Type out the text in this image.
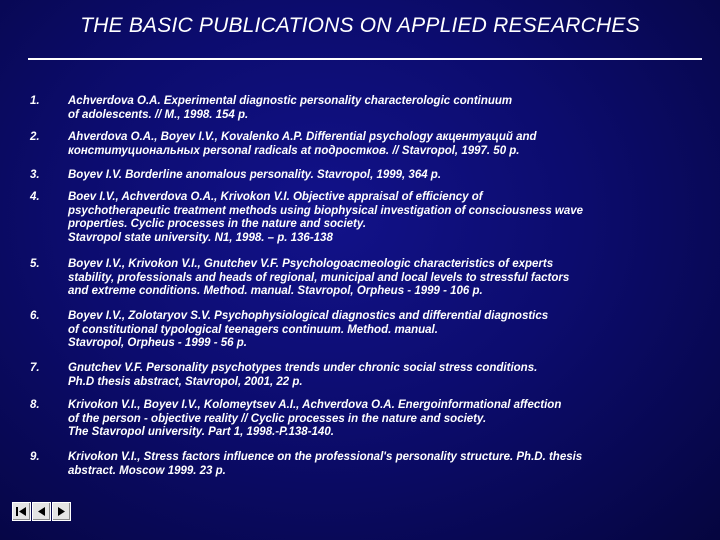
THE BASIC PUBLICATIONS ON APPLIED RESEARCHES
1. Achverdova O.A. Experimental diagnostic personality characterologic continuum
of adolescents. // M., 1998. 154 p.
2. Ahverdova O.A., Boyev I.V., Kovalenko A.P. Differential psychology акцентуаций and
конституциональных personal radicals at подростков. // Stavropol, 1997. 50 p.
3. Boyev I.V. Borderline anomalous personality. Stavropol, 1999, 364 p.
4. Boev I.V., Achverdova O.A., Krivokon V.I. Objective appraisal of efficiency of
psychotherapeutic treatment methods using biophysical investigation of consciousness wave
properties. Cyclic processes in the nature and society.
Stavropol state university. N1, 1998. – p. 136-138
5. Boyev I.V., Krivokon V.I., Gnutchev V.F. Psychologoacmeologic characteristics of experts
stability, professionals and heads of regional, municipal and local levels to stressful factors
and extreme conditions. Method. manual. Stavropol, Orpheus - 1999 - 106 p.
6. Boyev I.V., Zolotaryov S.V. Psychophysiological diagnostics and differential diagnostics
of constitutional typological teenagers continuum. Method. manual.
Stavropol, Orpheus - 1999 - 56 p.
7. Gnutchev V.F. Personality psychotypes trends under chronic social stress conditions.
Ph.D thesis abstract, Stavropol, 2001, 22 p.
8. Krivokon V.I., Boyev I.V., Kolomeytsev A.I., Achverdova O.A. Energoinformational affection
of the person - objective reality // Cyclic processes in the nature and society.
The Stavropol university. Part 1, 1998.-P.138-140.
9. Krivokon V.I., Stress factors influence on the professional's personality structure. Ph.D. thesis
abstract. Moscow 1999. 23 p.
